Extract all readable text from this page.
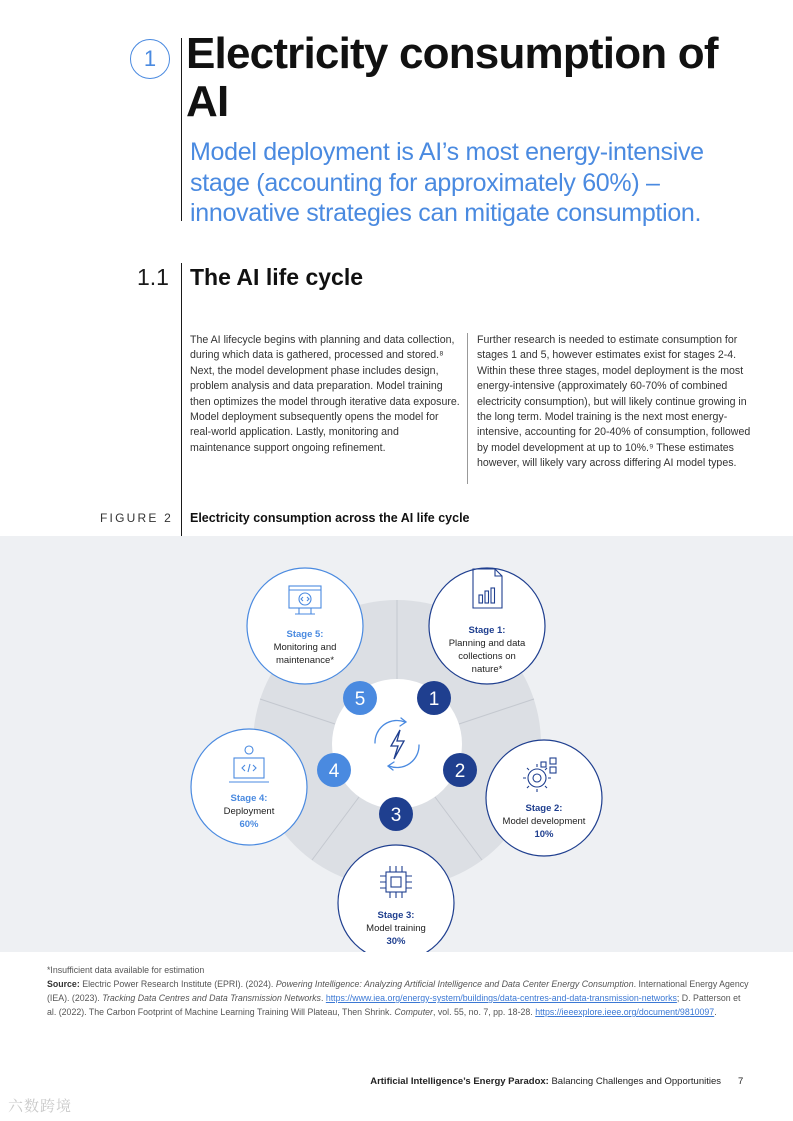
1 Electricity consumption of AI
Model deployment is AI’s most energy-intensive stage (accounting for approximately 60%) – innovative strategies can mitigate consumption.
1.1 The AI life cycle
The AI lifecycle begins with planning and data collection, during which data is gathered, processed and stored.⁸ Next, the model development phase includes design, problem analysis and data preparation. Model training then optimizes the model through iterative data exposure. Model deployment subsequently opens the model for real-world application. Lastly, monitoring and maintenance support ongoing refinement.
Further research is needed to estimate consumption for stages 1 and 5, however estimates exist for stages 2-4. Within these three stages, model deployment is the most energy-intensive (approximately 60-70% of combined electricity consumption), but will likely continue growing in the long term. Model training is the next most energy-intensive, accounting for 20-40% of consumption, followed by model development at up to 10%.⁹ These estimates however, will likely vary across differing AI model types.
FIGURE 2 Electricity consumption across the AI life cycle
1
2
3
4
5
Stage 1:
Planning and data
collections on
nature*
Stage 2:
Model development
10%
Stage 3:
Model training
30%
Stage 4:
Deployment
60%
Stage 5:
Monitoring and
maintenance*
*Insufficient data available for estimation
Source: Electric Power Research Institute (EPRI). (2024). Powering Intelligence: Analyzing Artificial Intelligence and Data Center Energy Consumption. International Energy Agency (IEA). (2023). Tracking Data Centres and Data Transmission Networks. https://www.iea.org/energy-system/buildings/data-centres-and-data-transmission-networks; D. Patterson et al. (2022). The Carbon Footprint of Machine Learning Training Will Plateau, Then Shrink. Computer, vol. 55, no. 7, pp. 18-28. https://ieeexplore.ieee.org/document/9810097.
Artificial Intelligence’s Energy Paradox: Balancing Challenges and Opportunities 7
六数跨境
